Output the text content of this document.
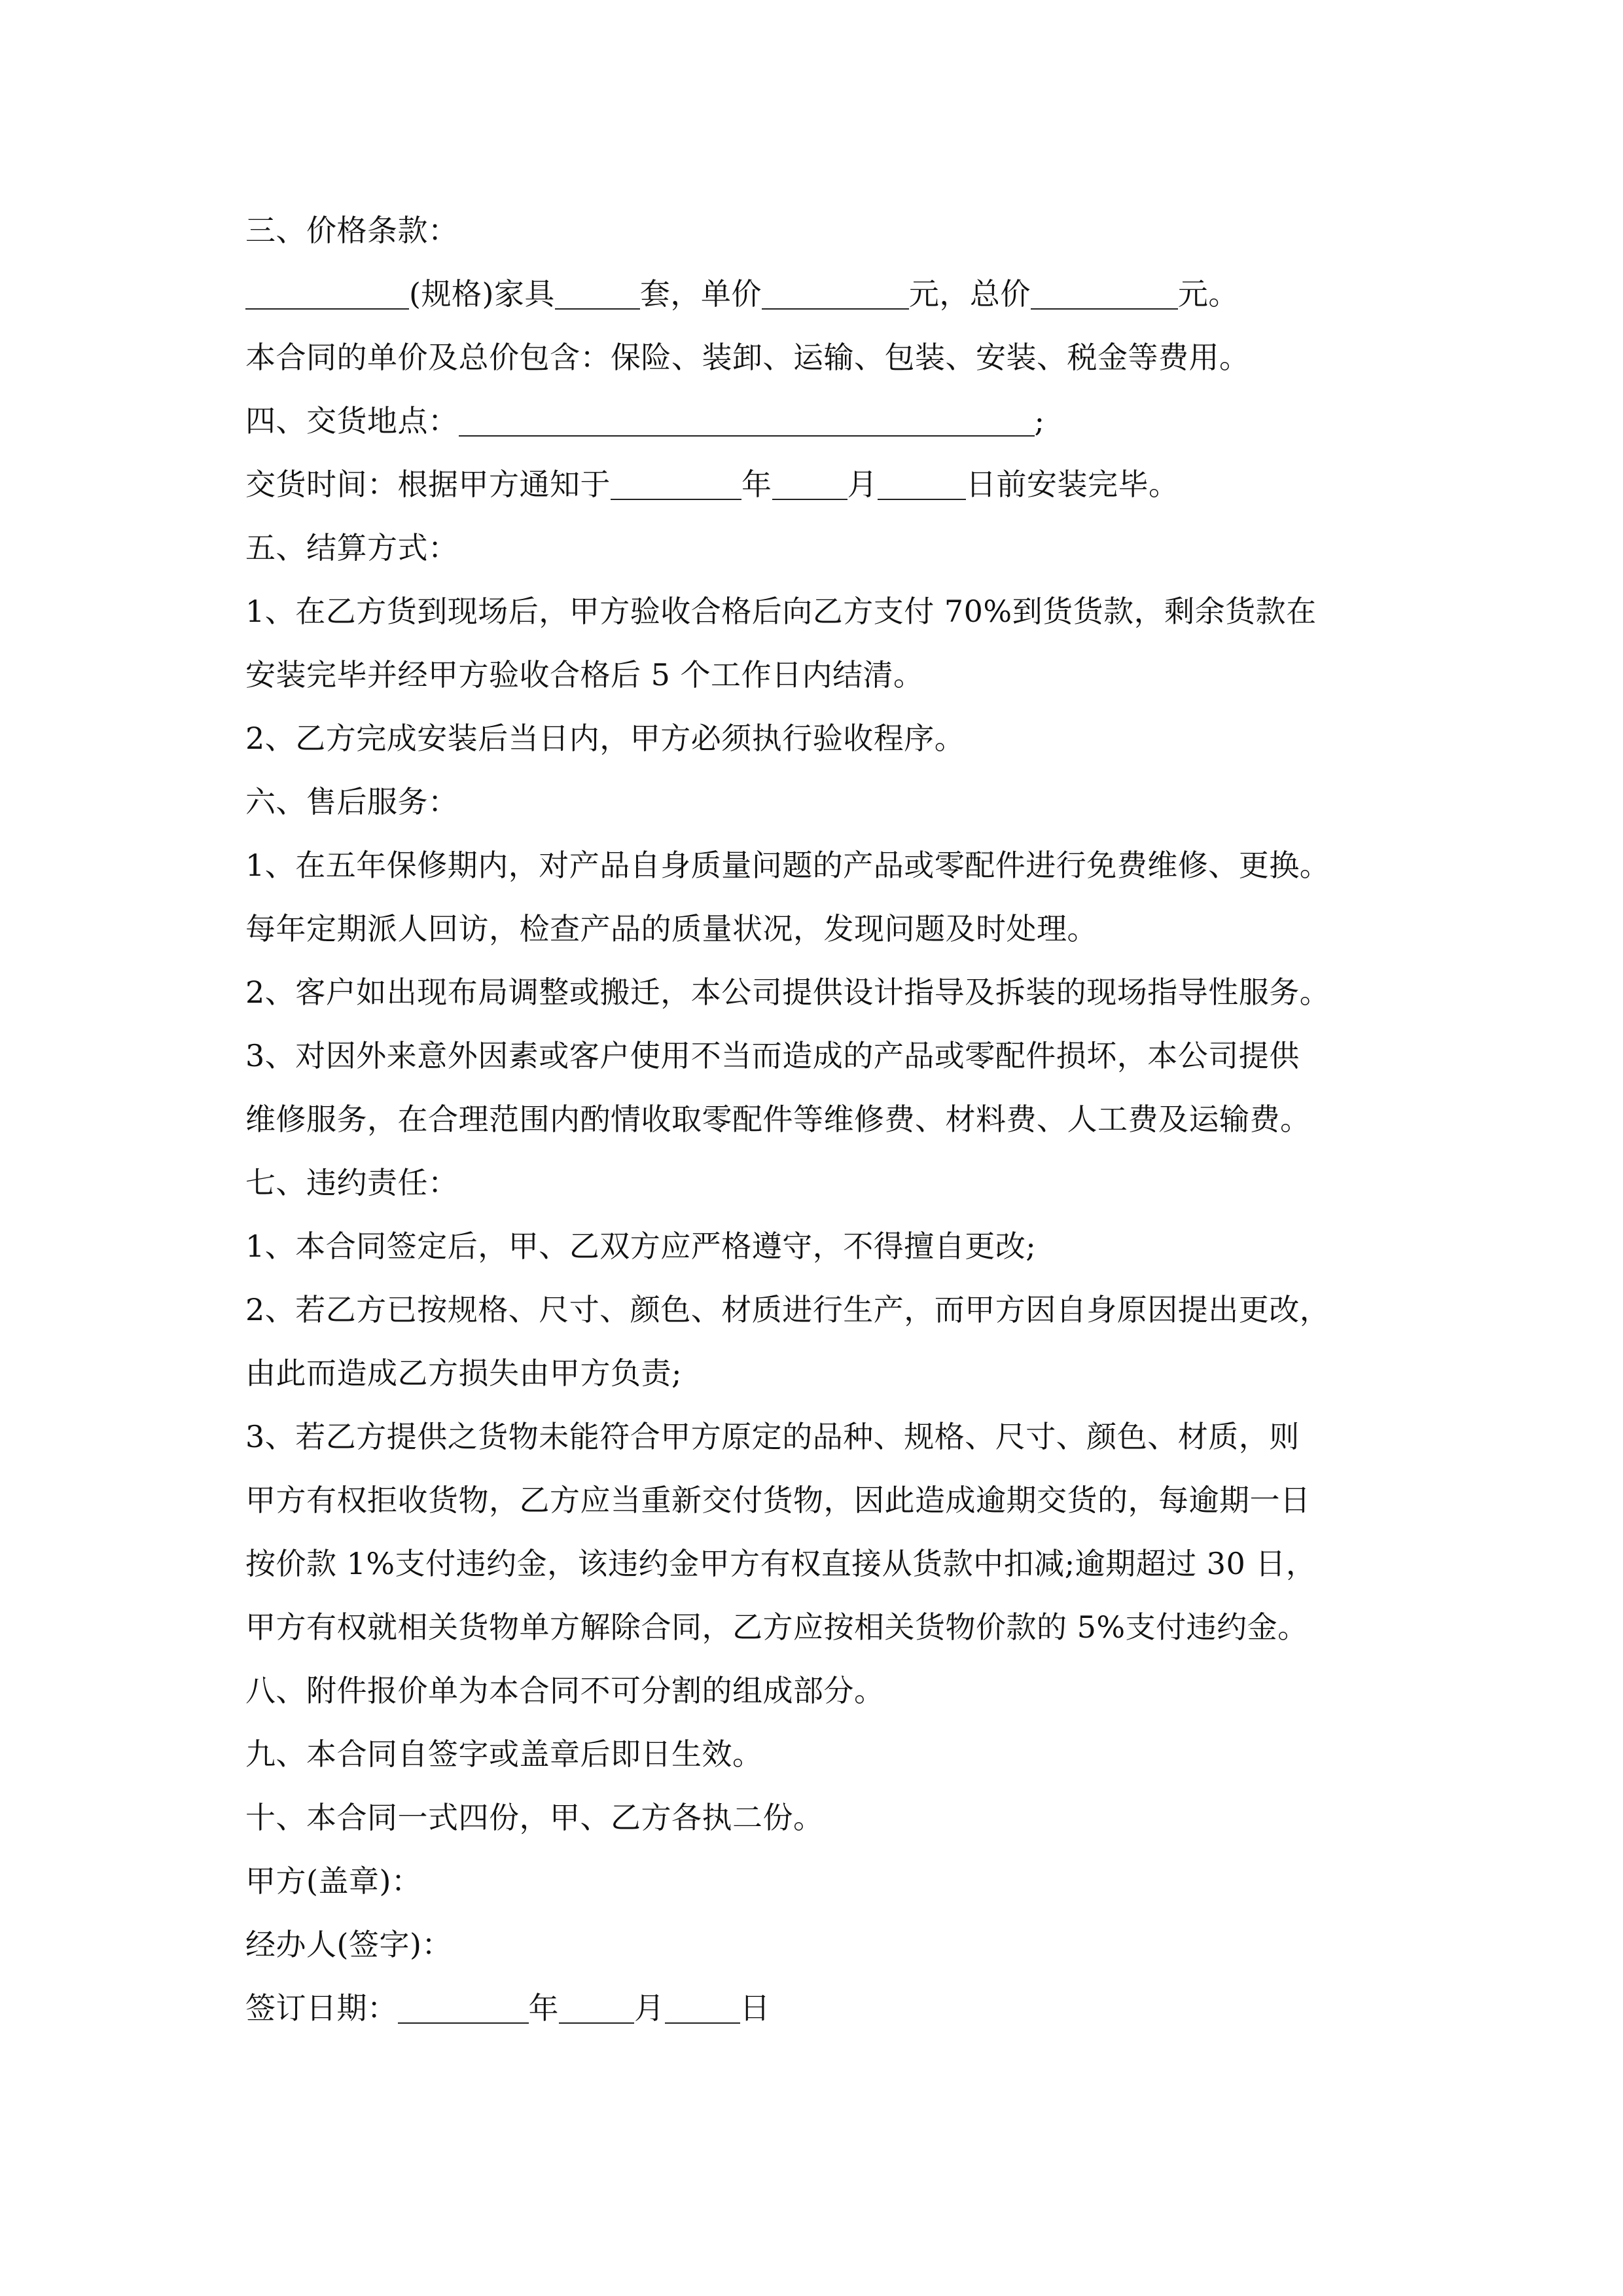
三、价格条款：
(规格)家具	套，单价	元，总价	元。
本合同的单价及总价包含：保险、装卸、运输、包装、安装、税金等费用。
四、交货地点：	;
交货时间：根据甲方通知于	年	月	日前安装完毕。
五、结算方式：
1、在乙方货到现场后，甲方验收合格后向乙方支付 70%到货货款，剩余货款在
安装完毕并经甲方验收合格后 5 个工作日内结清。
2、乙方完成安装后当日内，甲方必须执行验收程序。
六、售后服务：
1、在五年保修期内，对产品自身质量问题的产品或零配件进行免费维修、更换。
每年定期派人回访，检查产品的质量状况，发现问题及时处理。
2、客户如出现布局调整或搬迁，本公司提供设计指导及拆装的现场指导性服务。
3、对因外来意外因素或客户使用不当而造成的产品或零配件损坏，本公司提供
维修服务，在合理范围内酌情收取零配件等维修费、材料费、人工费及运输费。
七、违约责任：
1、本合同签定后，甲、乙双方应严格遵守，不得擅自更改;
2、若乙方已按规格、尺寸、颜色、材质进行生产，而甲方因自身原因提出更改，
由此而造成乙方损失由甲方负责;
3、若乙方提供之货物未能符合甲方原定的品种、规格、尺寸、颜色、材质，则
甲方有权拒收货物，乙方应当重新交付货物，因此造成逾期交货的，每逾期一日
按价款 1%支付违约金，该违约金甲方有权直接从货款中扣减;逾期超过 30 日，
甲方有权就相关货物单方解除合同，乙方应按相关货物价款的 5%支付违约金。
八、附件报价单为本合同不可分割的组成部分。
九、本合同自签字或盖章后即日生效。
十、本合同一式四份，甲、乙方各执二份。
甲方(盖章)：
经办人(签字)：
签订日期：	年	月	日
